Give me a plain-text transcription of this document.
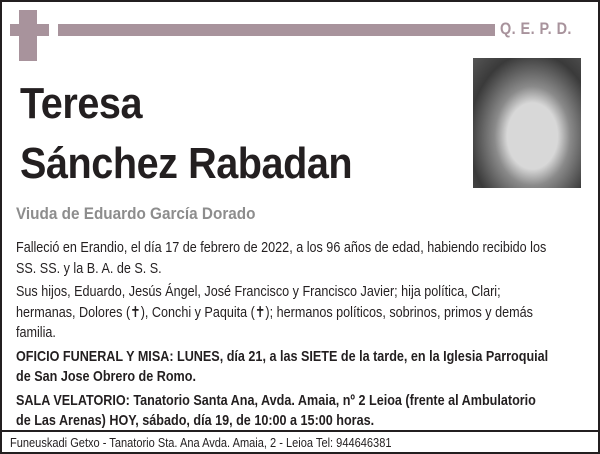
Q. E. P. D.
Teresa
Sánchez Rabadan
Viuda de Eduardo García Dorado

Falleció en Erandio, el día 17 de febrero de 2022, a los 96 años de edad, habiendo recibido los SS. SS. y la B. A. de S. S.

Sus hijos, Eduardo, Jesús Ángel, José Francisco y Francisco Javier; hija política, Clari; hermanas, Dolores (✝), Conchi y Paquita (✝); hermanos políticos, sobrinos, primos y demás familia.

OFICIO FUNERAL Y MISA: LUNES, día 21, a las SIETE de la tarde, en la Iglesia Parroquial de San Jose Obrero de Romo.

SALA VELATORIO: Tanatorio Santa Ana, Avda. Amaia, nº 2 Leioa (frente al Ambulatorio de Las Arenas) HOY, sábado, día 19, de 10:00 a 15:00 horas.

Funeuskadi Getxo - Tanatorio Sta. Ana Avda. Amaia, 2 - Leioa Tel: 944646381
